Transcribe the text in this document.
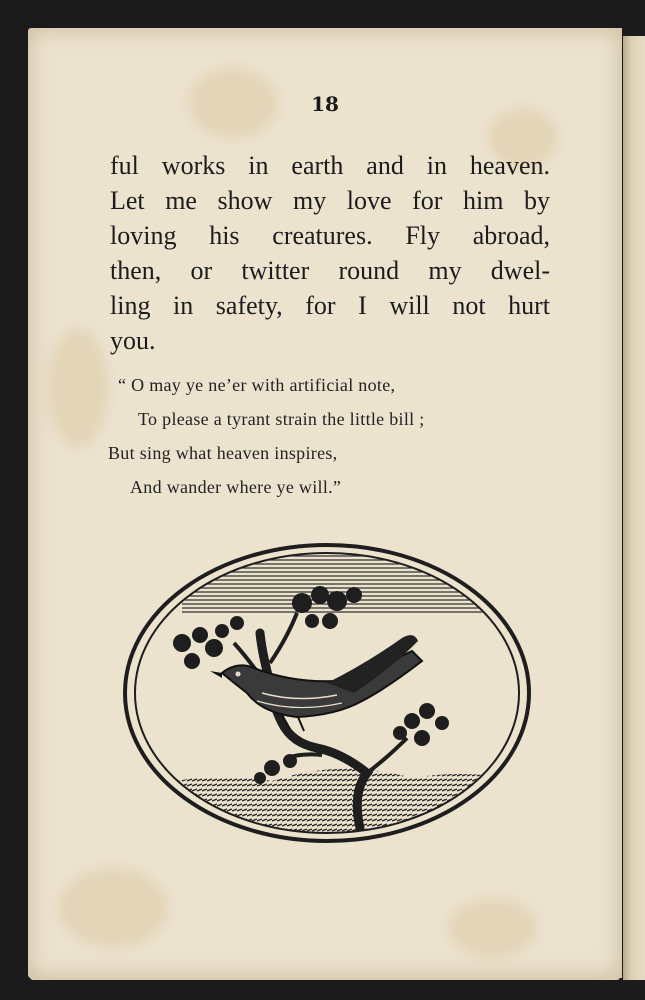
18
ful works in earth and in heaven.
Let me show my love for him by
loving his creatures. Fly abroad,
then, or twitter round my dwel-
ling in safety, for I will not hurt
you.
“ O may ye ne’er with artificial note,
To please a tyrant strain the little bill ;
But sing what heaven inspires,
And wander where ye will.”
